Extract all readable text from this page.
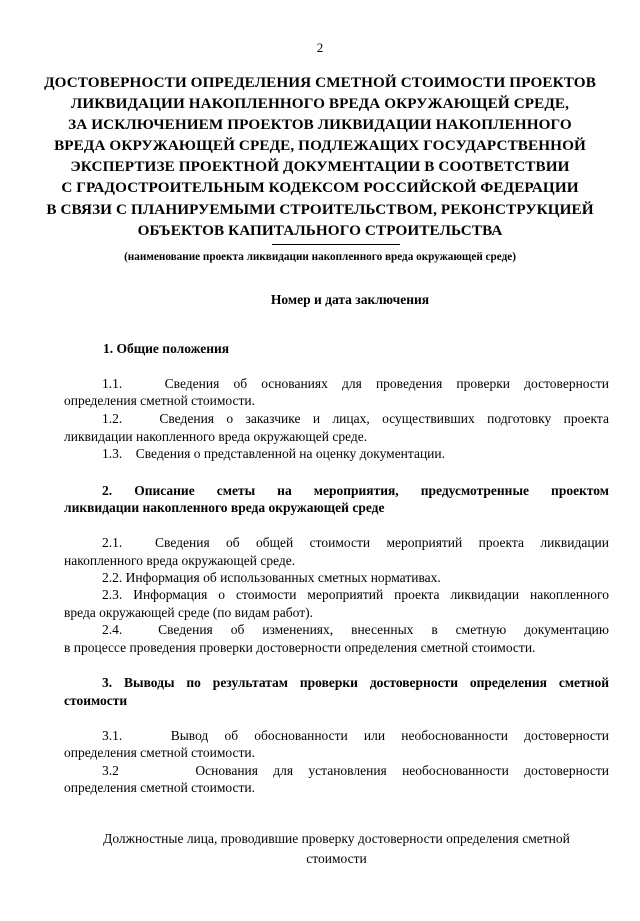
2
ДОСТОВЕРНОСТИ ОПРЕДЕЛЕНИЯ СМЕТНОЙ СТОИМОСТИ ПРОЕКТОВ
ЛИКВИДАЦИИ НАКОПЛЕННОГО ВРЕДА ОКРУЖАЮЩЕЙ СРЕДЕ,
ЗА ИСКЛЮЧЕНИЕМ ПРОЕКТОВ ЛИКВИДАЦИИ НАКОПЛЕННОГО
ВРЕДА ОКРУЖАЮЩЕЙ СРЕДЕ, ПОДЛЕЖАЩИХ ГОСУДАРСТВЕННОЙ
ЭКСПЕРТИЗЕ ПРОЕКТНОЙ ДОКУМЕНТАЦИИ В СООТВЕТСТВИИ
С ГРАДОСТРОИТЕЛЬНЫМ КОДЕКСОМ РОССИЙСКОЙ ФЕДЕРАЦИИ
В СВЯЗИ С ПЛАНИРУЕМЫМИ СТРОИТЕЛЬСТВОМ, РЕКОНСТРУКЦИЕЙ
ОБЪЕКТОВ КАПИТАЛЬНОГО СТРОИТЕЛЬСТВА
(наименование проекта ликвидации накопленного вреда окружающей среде)
Номер и дата заключения
1. Общие положения
1.1.	Сведения об основаниях для проведения проверки достоверности
определения сметной стоимости.
1.2.	Сведения о заказчике и лицах, осуществивших подготовку проекта
ликвидации накопленного вреда окружающей среде.
1.3. Сведения о представленной на оценку документации.
2. Описание сметы на мероприятия, предусмотренные проектом
ликвидации накопленного вреда окружающей среде
2.1. Сведения об общей стоимости мероприятий проекта ликвидации
накопленного вреда окружающей среде.
2.2. Информация об использованных сметных нормативах.
2.3. Информация о стоимости мероприятий проекта ликвидации накопленного
вреда окружающей среде (по видам работ).
2.4.	Сведения об изменениях, внесенных в сметную документацию
в процессе проведения проверки достоверности определения сметной стоимости.
3. Выводы по результатам проверки достоверности определения сметной
стоимости
3.1.	Вывод об обоснованности или необоснованности достоверности
определения сметной стоимости.
3.2	Основания для установления необоснованности достоверности
определения сметной стоимости.
Должностные лица, проводившие проверку достоверности определения сметной
стоимости
